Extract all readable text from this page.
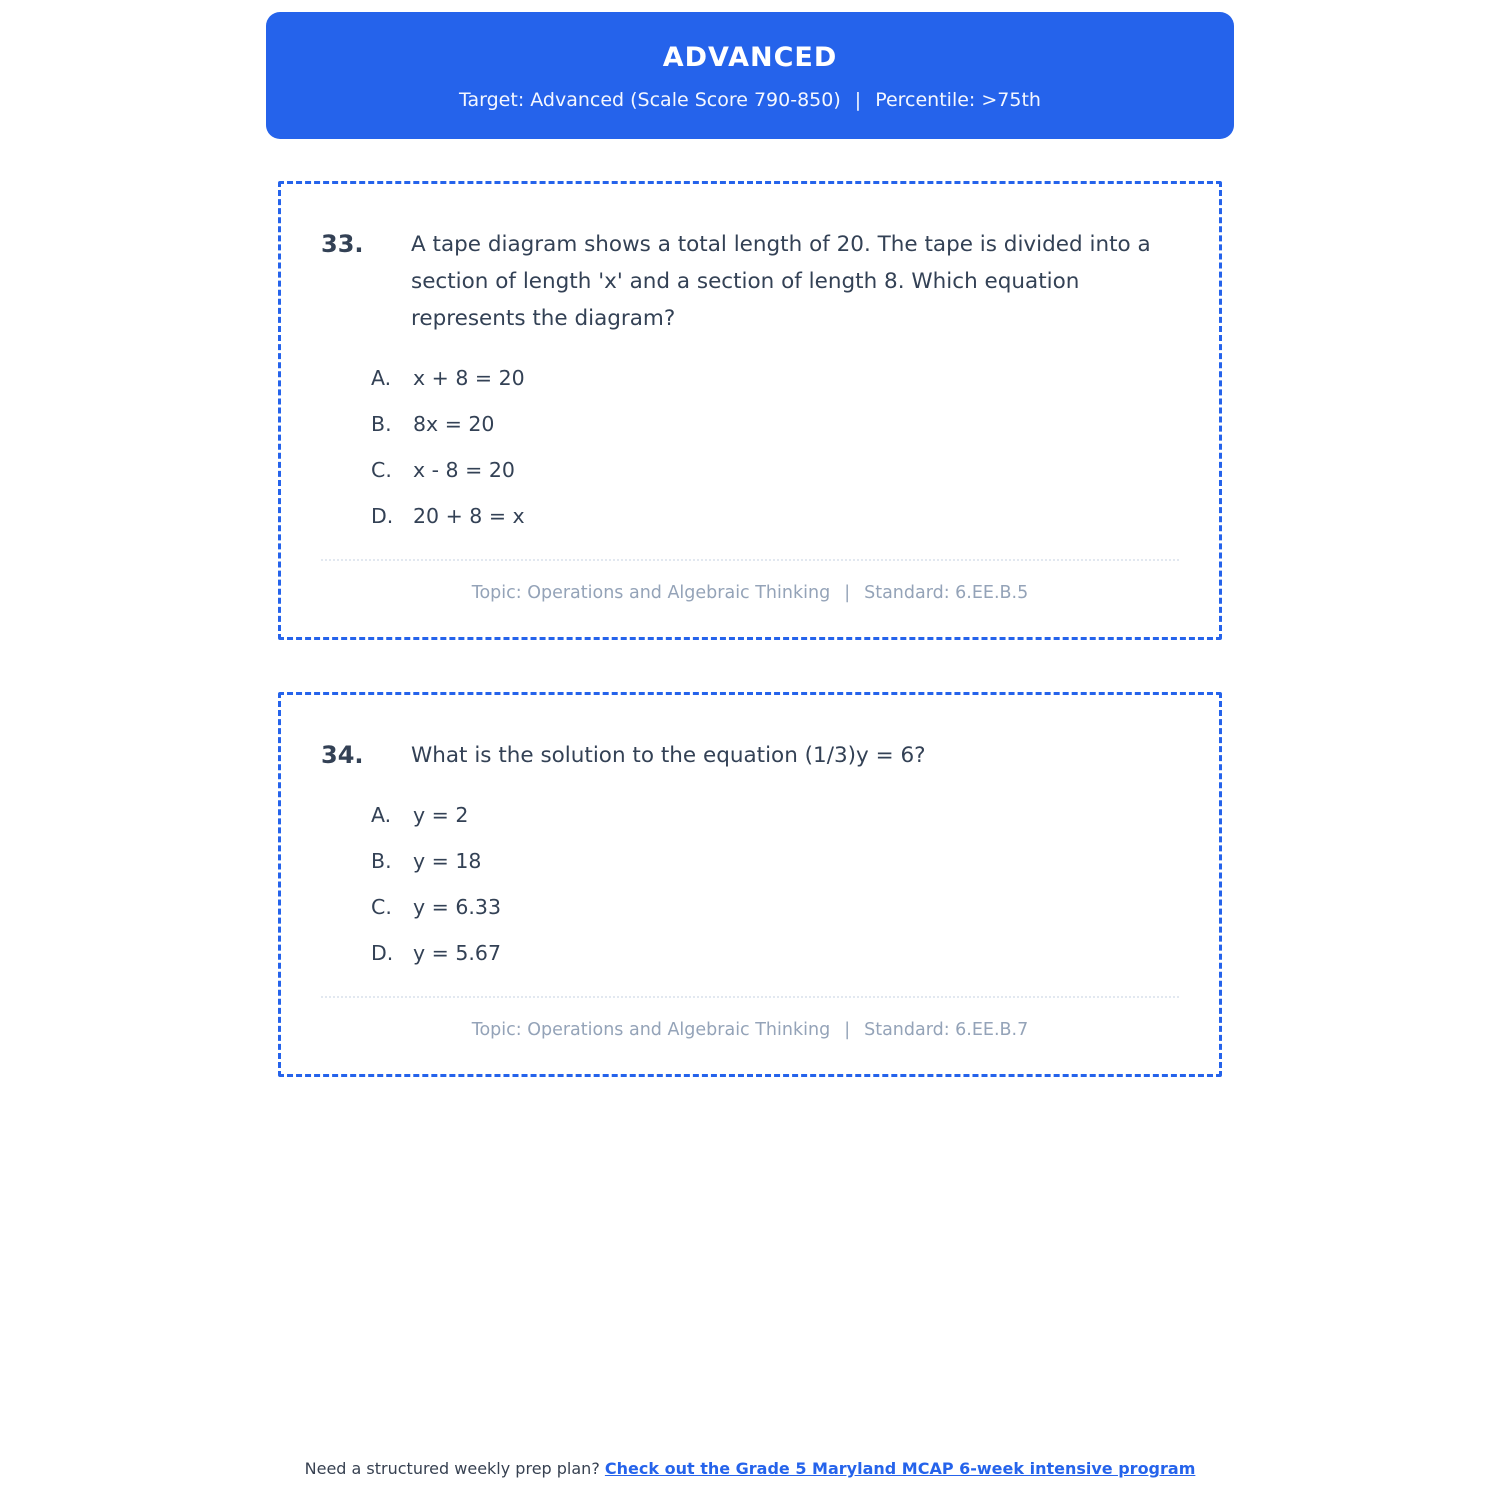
ADVANCED
Target: Advanced (Scale Score 790-850) | Percentile: >75th
33.	A tape diagram shows a total length of 20. The tape is divided into a section of length 'x' and a section of length 8. Which equation represents the diagram?
A.	x + 8 = 20
B.	8x = 20
C.	x - 8 = 20
D. 20 + 8 = x
Topic: Operations and Algebraic Thinking | Standard: 6.EE.B.5
34.	What is the solution to the equation (1/3)y = 6?
A.	y = 2
B.	y = 18
C.	y = 6.33
D. y = 5.67
Topic: Operations and Algebraic Thinking | Standard: 6.EE.B.7
Need a structured weekly prep plan? Check out the Grade 5 Maryland MCAP 6-week intensive program
